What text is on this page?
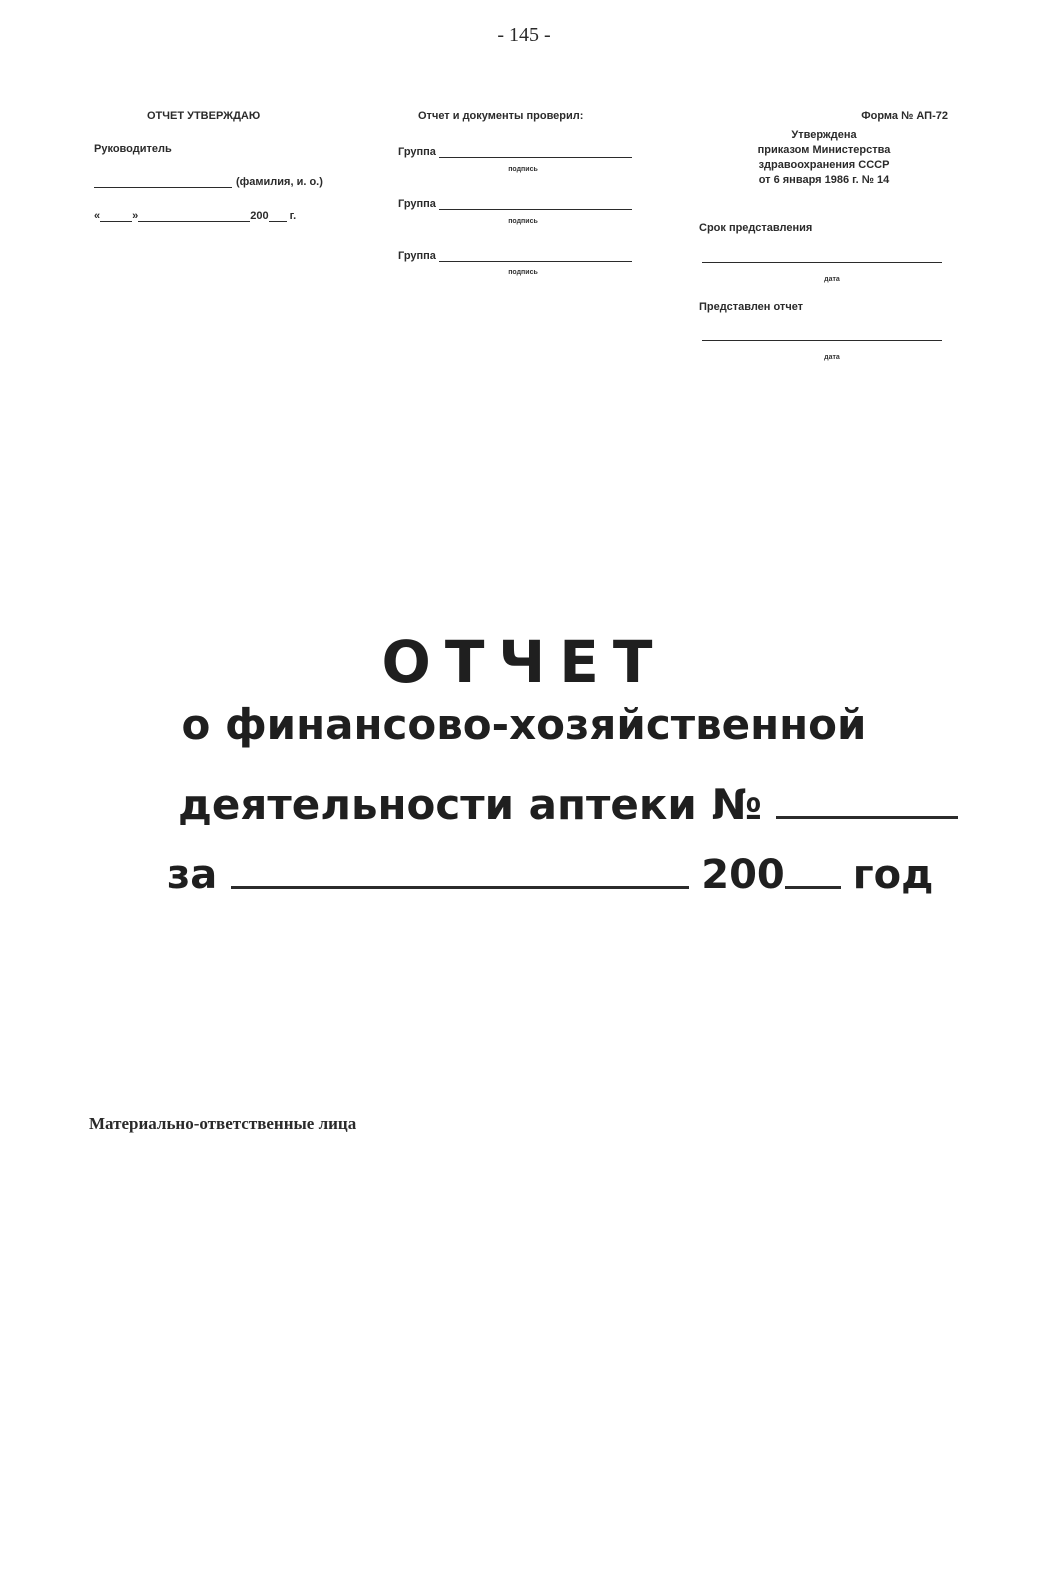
- 145 -
ОТЧЕТ УТВЕРЖДАЮ
Руководитель
(фамилия, и. о.)
«	»	200 г.
Отчет и документы проверил:
Группа
подпись
Группа
подпись
Группа
подпись
Форма № АП-72
Утверждена
приказом Министерства
здравоохранения СССР
от 6 января 1986 г. № 14
Срок представления
дата
Представлен отчет
дата
ОТЧЕТ
о финансово-хозяйственной
деятельности аптеки №
за	200 год
Материально-ответственные лица
